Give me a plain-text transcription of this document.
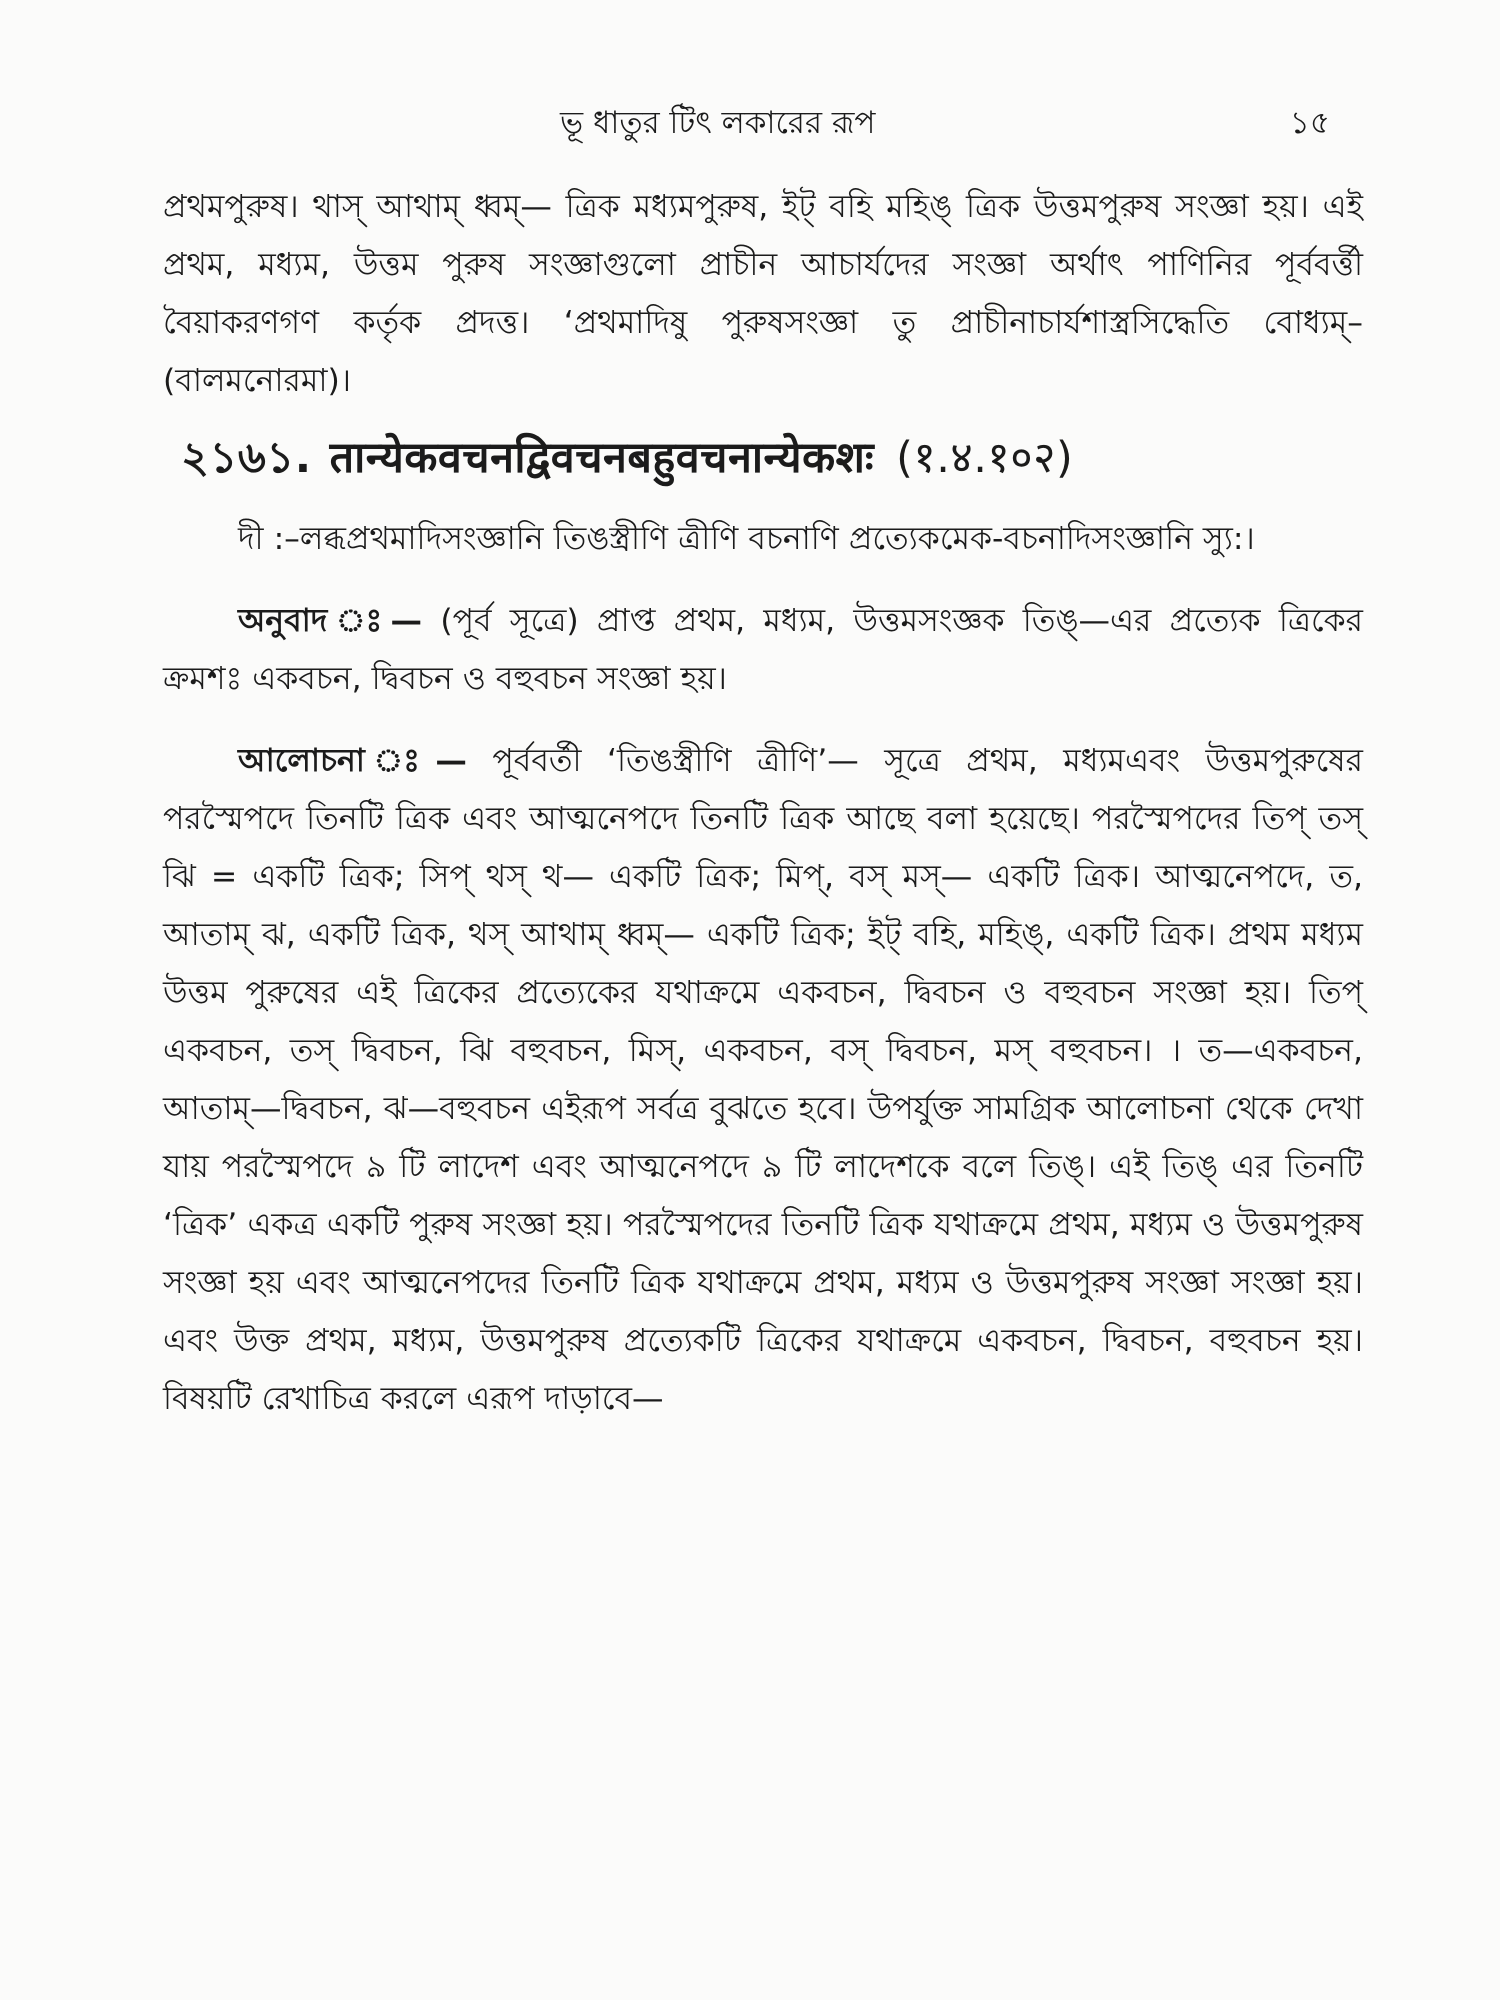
ভূ ধাতুর টিৎ লকারের রূপ	১৫

প্রথমপুরুষ। থাস্ আথাম্ ধ্বম্— ত্রিক মধ্যমপুরুষ, ইট্ বহি মহিঙ্ ত্রিক উত্তমপুরুষ সংজ্ঞা হয়। এই প্রথম, মধ্যম, উত্তম পুরুষ সংজ্ঞাগুলো প্রাচীন আচার্যদের সংজ্ঞা অর্থাৎ পাণিনির পূর্ববর্ত্তী বৈয়াকরণগণ কর্তৃক প্রদত্ত। ‘প্রথমাদিষু পুরুষসংজ্ঞা তু প্রাচীনাচার্যশাস্ত্রসিদ্ধেতি বোধ্যম্–(বালমনোরমা)।

২১৬১. तान्येकवचनद्विवचनबहुवचनान्येकशः (१.४.१०२)

দী :–লব্ধপ্রথমাদিসংজ্ঞানি তিঙস্ত্রীণি ত্রীণি বচনাণি প্রত্যেকমেক-বচনাদিসংজ্ঞানি স্যু:।

অনুবাদ ঃ— (পূর্ব সূত্রে) প্রাপ্ত প্রথম, মধ্যম, উত্তমসংজ্ঞক তিঙ্—এর প্রত্যেক ত্রিকের ক্রমশঃ একবচন, দ্বিবচন ও বহুবচন সংজ্ঞা হয়।

আলোচনা ঃ— পূর্ববর্তী ‘তিঙস্ত্রীণি ত্রীণি’— সূত্রে প্রথম, মধ্যমএবং উত্তমপুরুষের পরস্মৈপদে তিনটি ত্রিক এবং আত্মনেপদে তিনটি ত্রিক আছে বলা হয়েছে। পরস্মৈপদের তিপ্ তস্ ঝি = একটি ত্রিক; সিপ্ থস্ থ— একটি ত্রিক; মিপ্, বস্ মস্— একটি ত্রিক। আত্মনেপদে, ত, আতাম্ ঝ, একটি ত্রিক, থস্ আথাম্ ধ্বম্— একটি ত্রিক; ইট্ বহি, মহিঙ্, একটি ত্রিক। প্রথম মধ্যম উত্তম পুরুষের এই ত্রিকের প্রত্যেকের যথাক্রমে একবচন, দ্বিবচন ও বহুবচন সংজ্ঞা হয়। তিপ্ একবচন, তস্ দ্বিবচন, ঝি বহুবচন, মিস্, একবচন, বস্ দ্বিবচন, মস্ বহুবচন। । ত—একবচন, আতাম্—দ্বিবচন, ঝ—বহুবচন এইরূপ সর্বত্র বুঝতে হবে। উপর্যুক্ত সামগ্রিক আলোচনা থেকে দেখা যায় পরস্মৈপদে ৯ টি লাদেশ এবং আত্মনেপদে ৯ টি লাদেশকে বলে তিঙ্। এই তিঙ্ এর তিনটি ‘ত্রিক’ একত্র একটি পুরুষ সংজ্ঞা হয়। পরস্মৈপদের তিনটি ত্রিক যথাক্রমে প্রথম, মধ্যম ও উত্তমপুরুষ সংজ্ঞা হয় এবং আত্মনেপদের তিনটি ত্রিক যথাক্রমে প্রথম, মধ্যম ও উত্তমপুরুষ সংজ্ঞা সংজ্ঞা হয়। এবং উক্ত প্রথম, মধ্যম, উত্তমপুরুষ প্রত্যেকটি ত্রিকের যথাক্রমে একবচন, দ্বিবচন, বহুবচন হয়। বিষয়টি রেখাচিত্র করলে এরূপ দাড়াবে—
